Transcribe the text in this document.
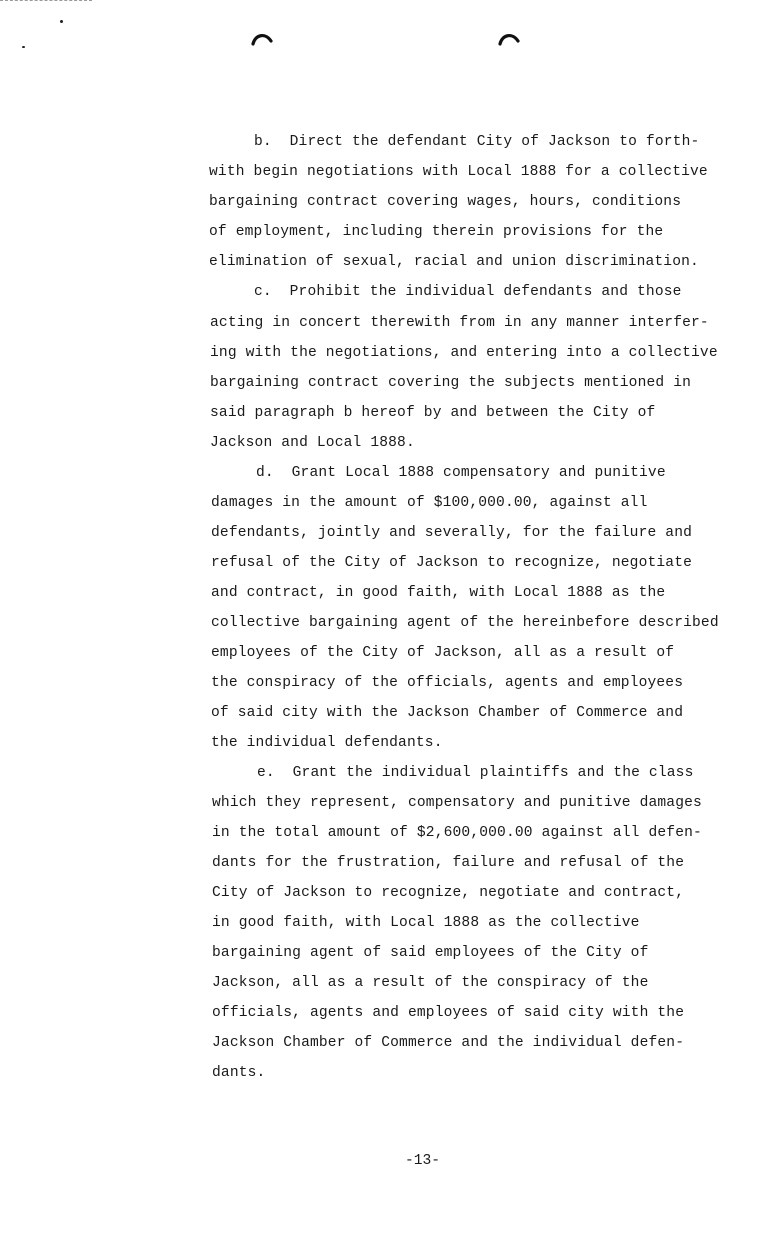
b.  Direct the defendant City of Jackson to forth-
with begin negotiations with Local 1888 for a collective
bargaining contract covering wages, hours, conditions
of employment, including therein provisions for the
elimination of sexual, racial and union discrimination.
c.  Prohibit the individual defendants and those
acting in concert therewith from in any manner interfer-
ing with the negotiations, and entering into a collective
bargaining contract covering the subjects mentioned in
said paragraph b hereof by and between the City of
Jackson and Local 1888.
d.  Grant Local 1888 compensatory and punitive
damages in the amount of $100,000.00, against all
defendants, jointly and severally, for the failure and
refusal of the City of Jackson to recognize, negotiate
and contract, in good faith, with Local 1888 as the
collective bargaining agent of the hereinbefore described
employees of the City of Jackson, all as a result of
the conspiracy of the officials, agents and employees
of said city with the Jackson Chamber of Commerce and
the individual defendants.
e.  Grant the individual plaintiffs and the class
which they represent, compensatory and punitive damages
in the total amount of $2,600,000.00 against all defen-
dants for the frustration, failure and refusal of the
City of Jackson to recognize, negotiate and contract,
in good faith, with Local 1888 as the collective
bargaining agent of said employees of the City of
Jackson, all as a result of the conspiracy of the
officials, agents and employees of said city with the
Jackson Chamber of Commerce and the individual defen-
dants.
-13-
